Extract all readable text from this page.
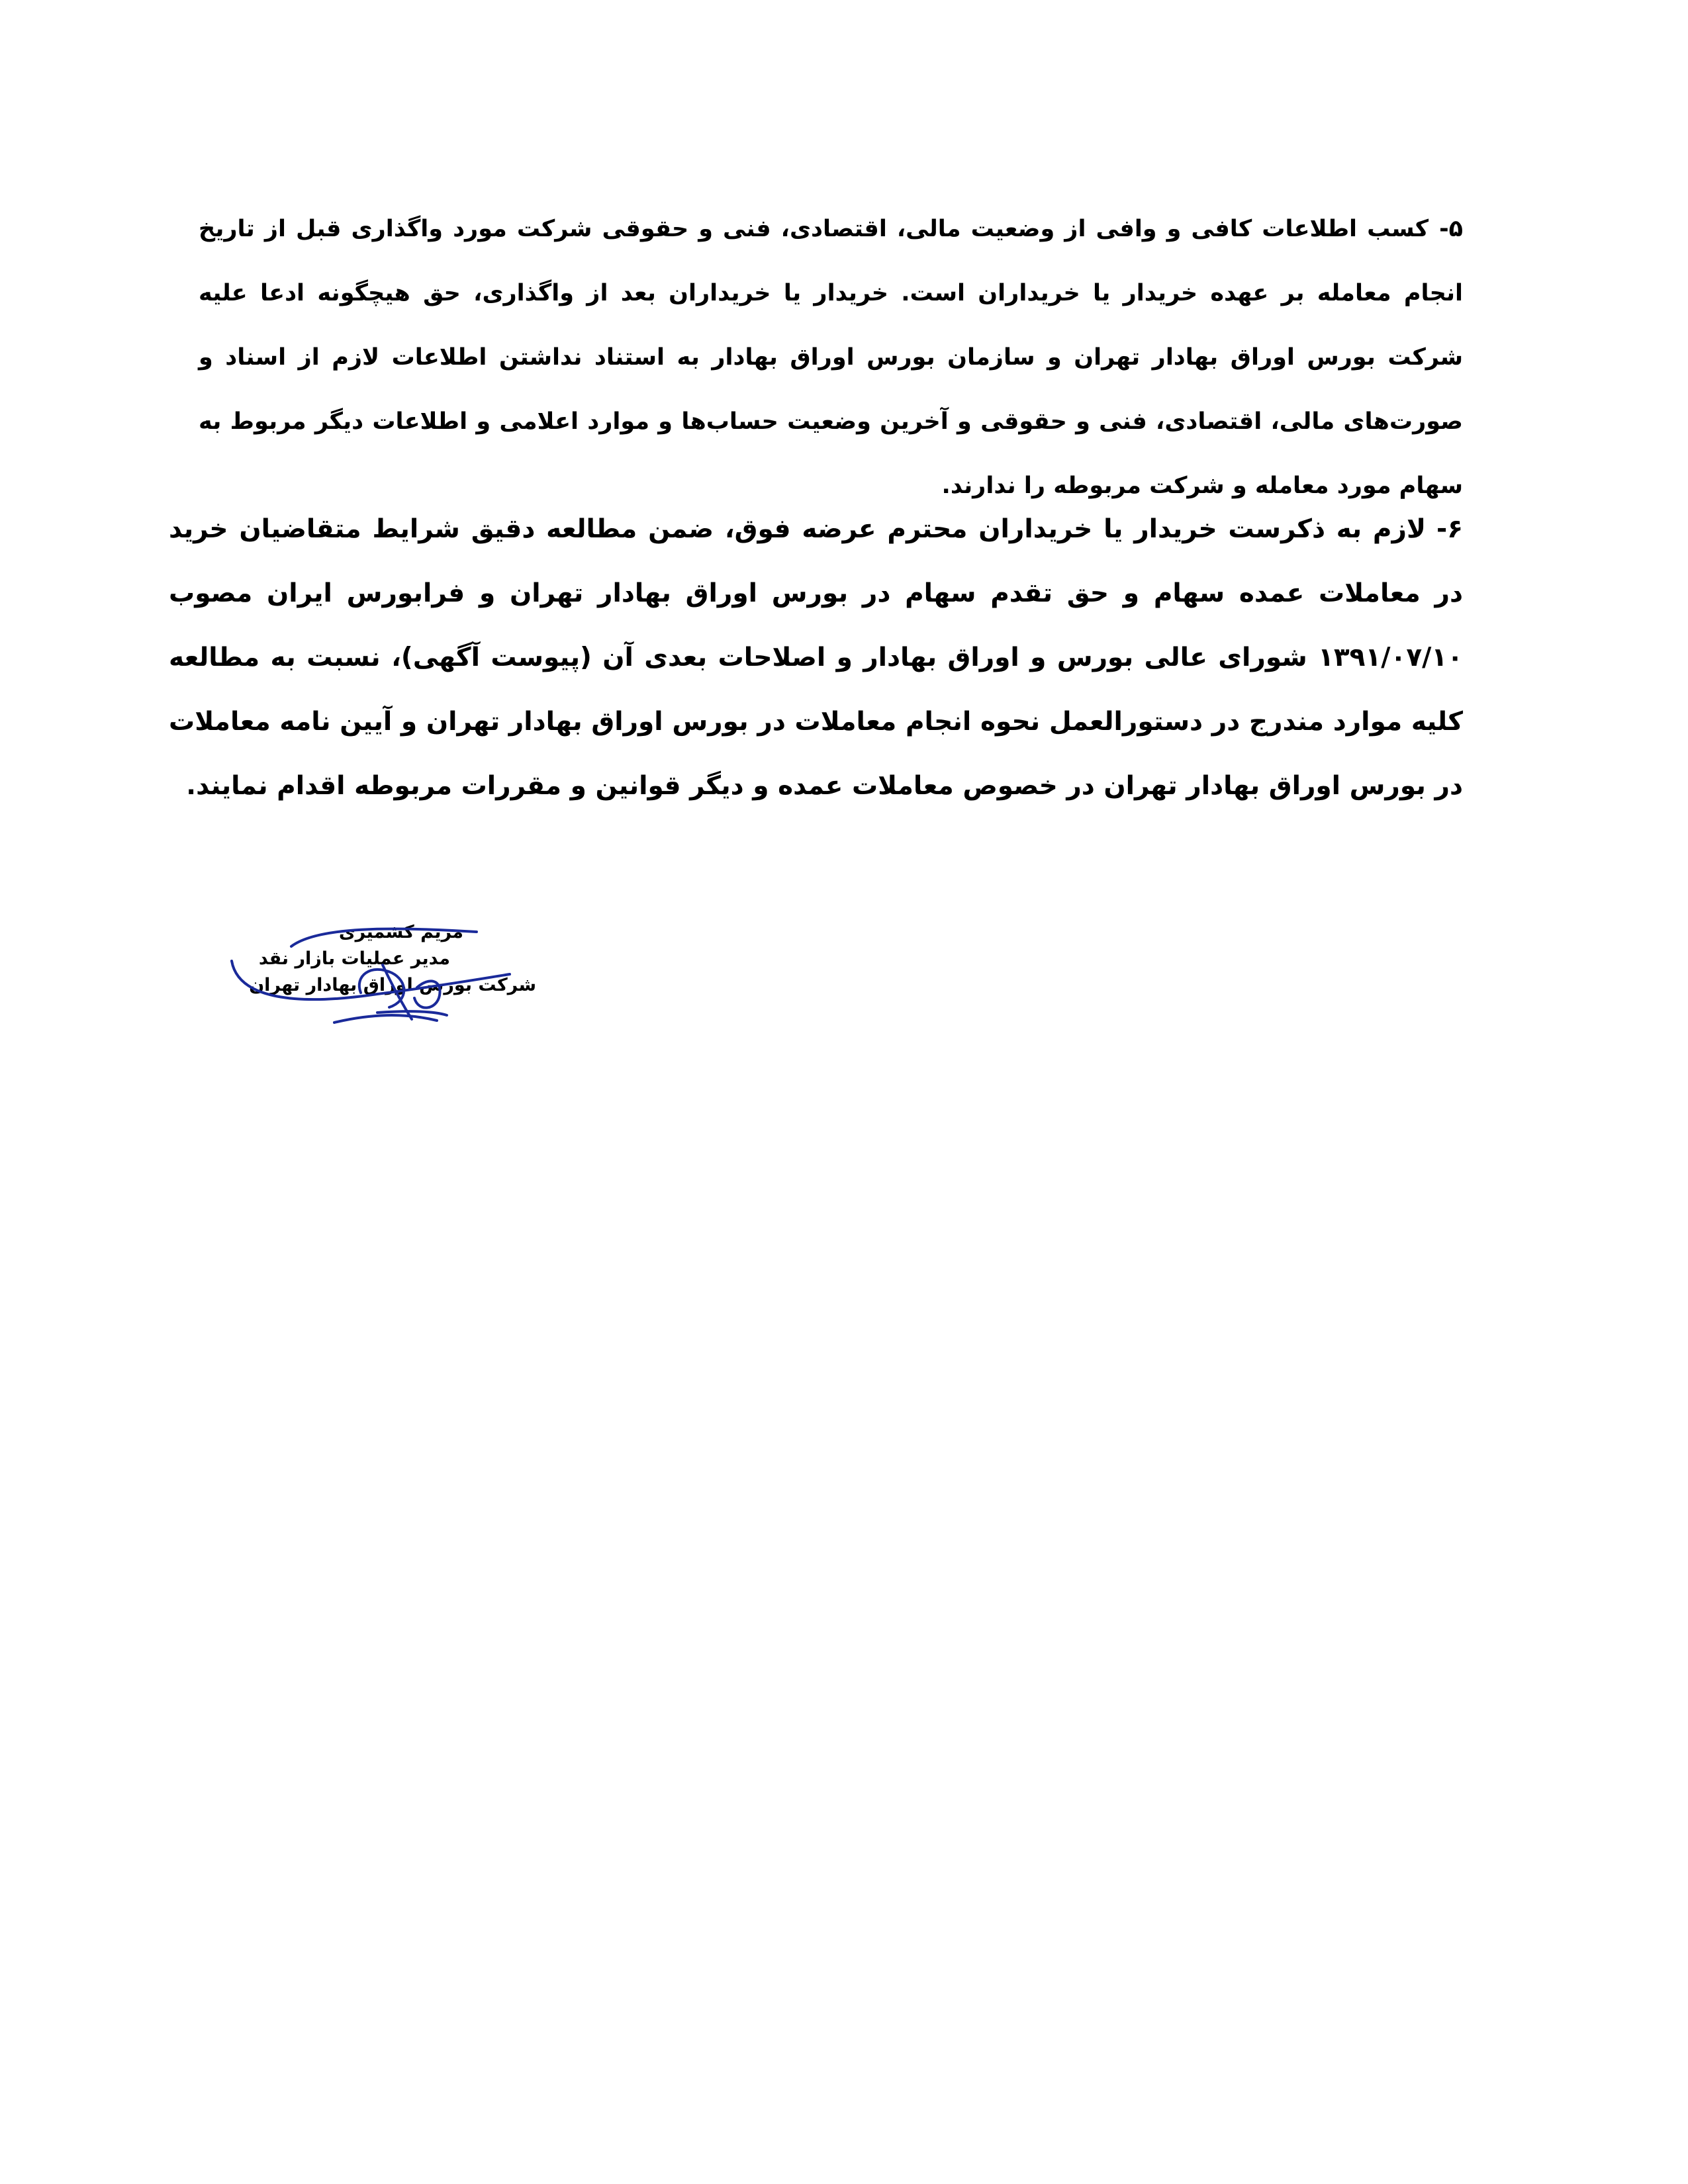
۵-کسب اطلاعات کافی و وافی از وضعیت مالی، اقتصادی، فنی و حقوقی شرکت مورد واگذاری قبل از تاریخ انجام معامله بر عهده خریدار یا خریداران است. خریدار یا خریداران بعد از واگذاری، حق هیچگونه ادعا علیه شرکت بورس اوراق بهادار تهران و سازمان بورس اوراق بهادار به استناد نداشتن اطلاعات لازم از اسناد و صورت‌های مالی، اقتصادی، فنی و حقوقی و آخرین وضعیت حساب‌ها و موارد اعلامی و اطلاعات دیگر مربوط به سهام مورد معامله و شرکت مربوطه را ندارند.

۶-لازم به ذکرست خریدار یا خریداران محترم عرضه فوق، ضمن مطالعه دقیق شرایط متقاضیان خرید در معاملات عمده سهام و حق تقدم سهام در بورس اوراق بهادار تهران و فرابورس ایران مصوب ۱۳۹۱/۰۷/۱۰ شورای عالی بورس و اوراق بهادار و اصلاحات بعدی آن (پیوست آگهی)، نسبت به مطالعه کلیه موارد مندرج در دستورالعمل نحوه انجام معاملات در بورس اوراق بهادار تهران و آیین نامه معاملات در بورس اوراق بهادار تهران در خصوص معاملات عمده و دیگر قوانین و مقررات مربوطه اقدام نمایند.

مریم کشمیری
مدیر عملیات بازار نقد
شرکت بورس اوراق بهادار تهران
